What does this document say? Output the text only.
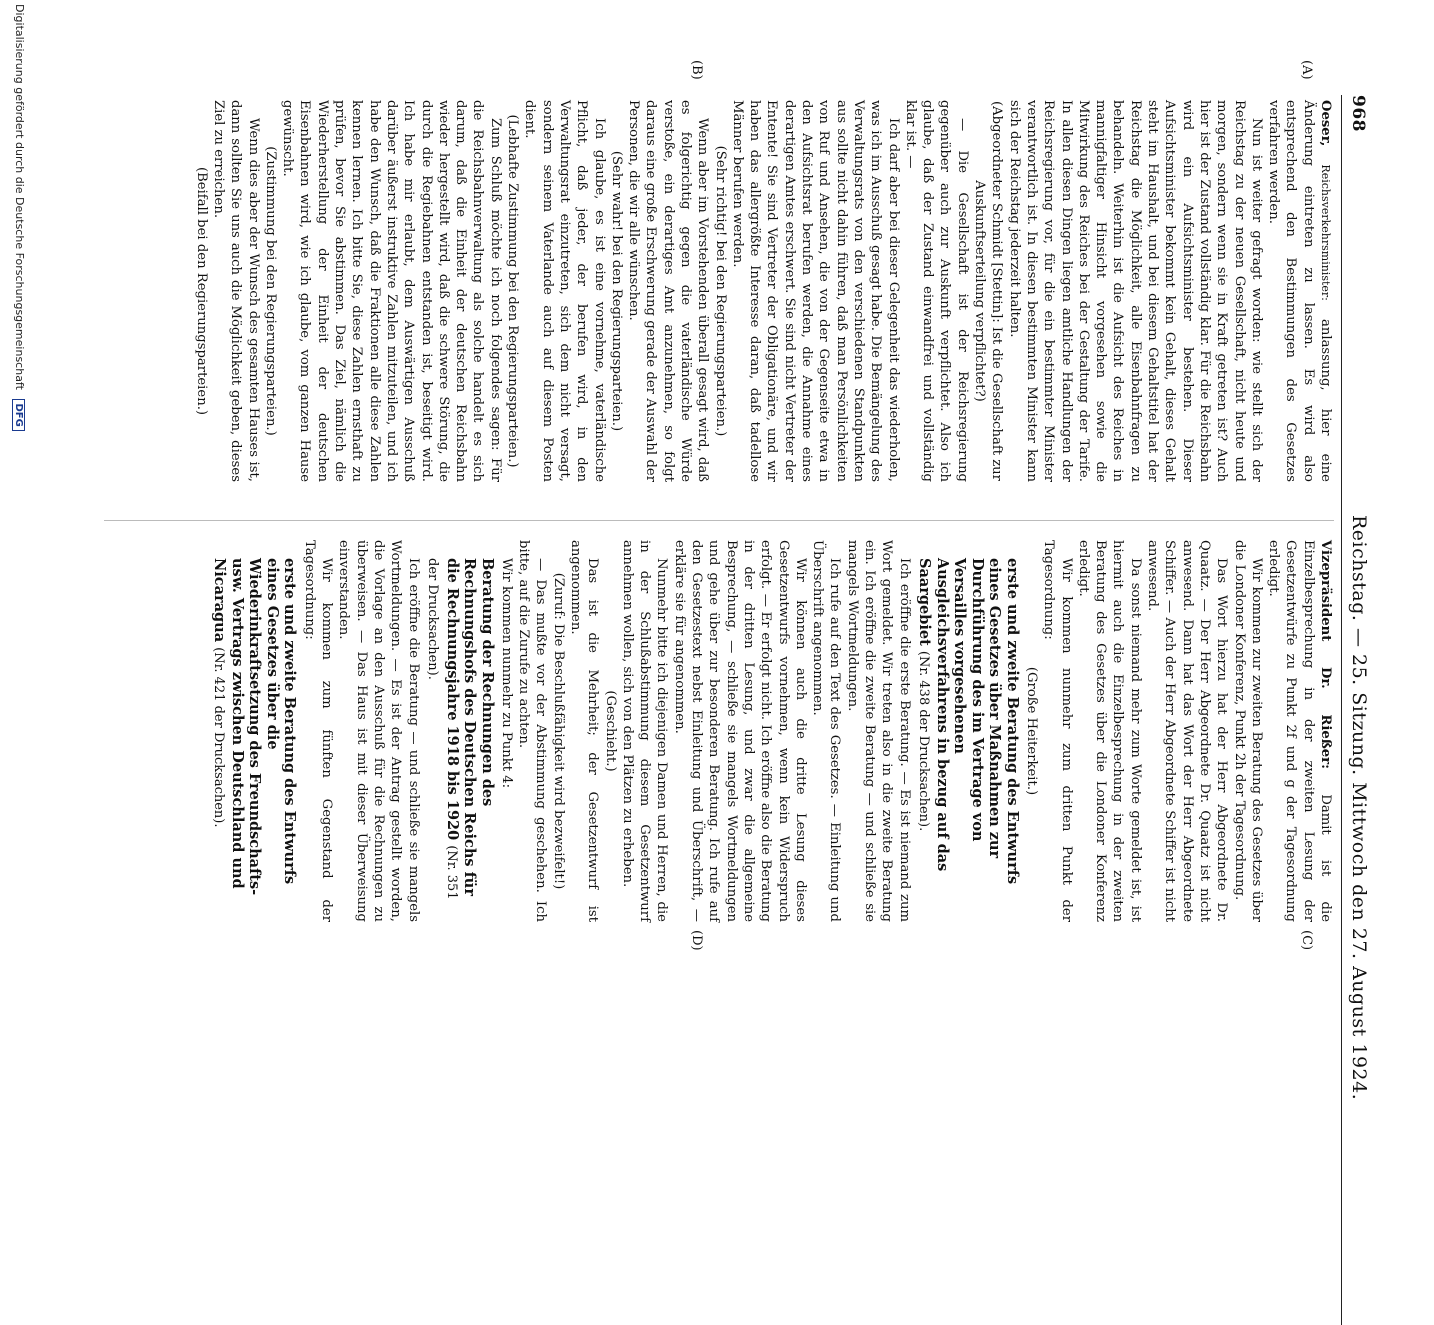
968
Reichstag. — 25. Sitzung. Mittwoch den 27. August 1924.
(A)
(B)
(C)
(D)

Oeser, Reichsverkehrsminister: anlassung, hier eine Änderung eintreten zu lassen. Es wird also entsprechend den Bestimmungen des Gesetzes verfahren werden.

Nun ist weiter gefragt worden: wie stellt sich der Reichstag zu der neuen Gesellschaft, nicht heute und morgen, sondern wenn sie in Kraft getreten ist? Auch hier ist der Zustand vollständig klar. Für die Reichsbahn wird ein Aufsichtsminister bestehen. Dieser Aufsichtsminister bekommt kein Gehalt, dieses Gehalt steht im Haushalt, und bei diesem Gehaltstitel hat der Reichstag die Möglichkeit, alle Eisenbahnfragen zu behandeln. Weiterhin ist die Aufsicht des Reiches in mannigfaltiger Hinsicht vorgesehen sowie die Mitwirkung des Reiches bei der Gestaltung der Tarife. In allen diesen Dingen liegen amtliche Handlungen der Reichsregierung vor, für die ein bestimmter Minister verantwortlich ist. In diesen bestimmten Minister kann sich der Reichstag jederzeit halten.

(Abgeordneter Schmidt [Stettin]: Ist die Gesellschaft zur Auskunftserteilung verpflichtet?)

— Die Gesellschaft ist der Reichsregierung gegenüber auch zur Auskunft verpflichtet. Also ich glaube, daß der Zustand einwandfrei und vollständig klar ist. —

Ich darf aber bei dieser Gelegenheit das wiederholen, was ich im Ausschuß gesagt habe. Die Bemängelung des Verwaltungsrats von den verschiedenen Standpunkten aus sollte nicht dahin führen, daß man Persönlichkeiten von Ruf und Ansehen, die von der Gegenseite etwa in den Aufsichtsrat berufen werden, die Annahme eines derartigen Amtes erschwert. Sie sind nicht Vertreter der Entente! Sie sind Vertreter der Obligationäre, und wir haben das allergrößte Interesse daran, daß tadellose Männer berufen werden.

(Sehr richtig! bei den Regierungsparteien.)

Wenn aber im Vorstehenden überall gesagt wird, daß es folgerichtig gegen die vaterländische Würde verstoße, ein derartiges Amt anzunehmen, so folgt daraus eine große Erschwerung gerade der Auswahl der Personen, die wir alle wünschen.

(Sehr wahr! bei den Regierungsparteien.)

Ich glaube, es ist eine vornehme, vaterländische Pflicht, daß jeder, der berufen wird, in den Verwaltungsrat einzutreten, sich dem nicht versagt, sondern seinem Vaterlande auch auf diesem Posten dient.

(Lebhafte Zustimmung bei den Regierungsparteien.)

Zum Schluß möchte ich noch folgendes sagen: Für die Reichsbahnverwaltung als solche handelt es sich darum, daß die Einheit der deutschen Reichsbahn wieder hergestellt wird, daß die schwere Störung, die durch die Regiebahnen entstanden ist, beseitigt wird. Ich habe mir erlaubt, dem Auswärtigen Ausschuß darüber äußerst instruktive Zahlen mitzuteilen, und ich habe den Wunsch, daß die Fraktionen alle diese Zahlen kennen lernen. Ich bitte Sie, diese Zahlen ernsthaft zu prüfen, bevor Sie abstimmen. Das Ziel, nämlich die Wiederherstellung der Einheit der deutschen Eisenbahnen wird, wie ich glaube, vom ganzen Hause gewünscht.

(Zustimmung bei den Regierungsparteien.)

Wenn dies aber der Wunsch des gesamten Hauses ist, dann sollten Sie uns auch die Möglichkeit geben, dieses Ziel zu erreichen.

(Beifall bei den Regierungsparteien.)

Vizepräsident Dr. Rießer: Damit ist die Einzelbesprechung in der zweiten Lesung der Gesetzentwürfe zu Punkt 2f und g der Tagesordnung erledigt.

Wir kommen zur zweiten Beratung des Gesetzes über die Londoner Konferenz, Punkt 2h der Tagesordnung.

Das Wort hierzu hat der Herr Abgeordnete Dr. Quaatz. — Der Herr Abgeordnete Dr. Quaatz ist nicht anwesend. Dann hat das Wort der Herr Abgeordnete Schiffer. — Auch der Herr Abgeordnete Schiffer ist nicht anwesend.

Da sonst niemand mehr zum Worte gemeldet ist, ist hiermit auch die Einzelbesprechung in der zweiten Beratung des Gesetzes über die Londoner Konferenz erledigt.

Wir kommen nunmehr zum dritten Punkt der Tagesordnung:

(Große Heiterkeit.)

erste und zweite Beratung des Entwurfs eines Gesetzes über Maßnahmen zur Durchführung des im Vertrage von Versailles vorgesehenen Ausgleichsverfahrens in bezug auf das Saargebiet (Nr. 438 der Drucksachen).

Ich eröffne die erste Beratung. — Es ist niemand zum Wort gemeldet. Wir treten also in die zweite Beratung ein. Ich eröffne die zweite Beratung — und schließe sie mangels Wortmeldungen.

Ich rufe auf den Text des Gesetzes. — Einleitung und Überschrift angenommen.

Wir können auch die dritte Lesung dieses Gesetzentwurfs vornehmen, wenn kein Widerspruch erfolgt. — Er erfolgt nicht. Ich eröffne also die Beratung in der dritten Lesung, und zwar die allgemeine Besprechung, — schließe sie mangels Wortmeldungen und gehe über zur besonderen Beratung. Ich rufe auf den Gesetzestext nebst Einleitung und Überschrift, — erkläre sie für angenommen.

Nunmehr bitte ich diejenigen Damen und Herren, die in der Schlußabstimmung diesem Gesetzentwurf annehmen wollen, sich von den Plätzen zu erheben.

(Geschieht.)

Das ist die Mehrheit; der Gesetzentwurf ist angenommen.

(Zuruf: Die Beschlußfähigkeit wird bezweifelt!)

— Das mußte vor der Abstimmung geschehen. Ich bitte, auf die Zurufe zu achten.

Wir kommen nunmehr zu Punkt 4:

Beratung der Rechnungen des Rechnungshofs des Deutschen Reichs für die Rechnungsjahre 1918 bis 1920 (Nr. 351 der Drucksachen).

Ich eröffne die Beratung — und schließe sie mangels Wortmeldungen. — Es ist der Antrag gestellt worden, die Vorlage an den Ausschuß für die Rechnungen zu überweisen. — Das Haus ist mit dieser Überweisung einverstanden.

Wir kommen zum fünften Gegenstand der Tagesordnung:

erste und zweite Beratung des Entwurfs eines Gesetzes über die Wiederinkraftsetzung des Freundschafts- usw. Vertrags zwischen Deutschland und Nicaragua (Nr. 421 der Drucksachen).

Digitalisierung gefördert durch die Deutsche Forschungsgemeinschaft DFG
